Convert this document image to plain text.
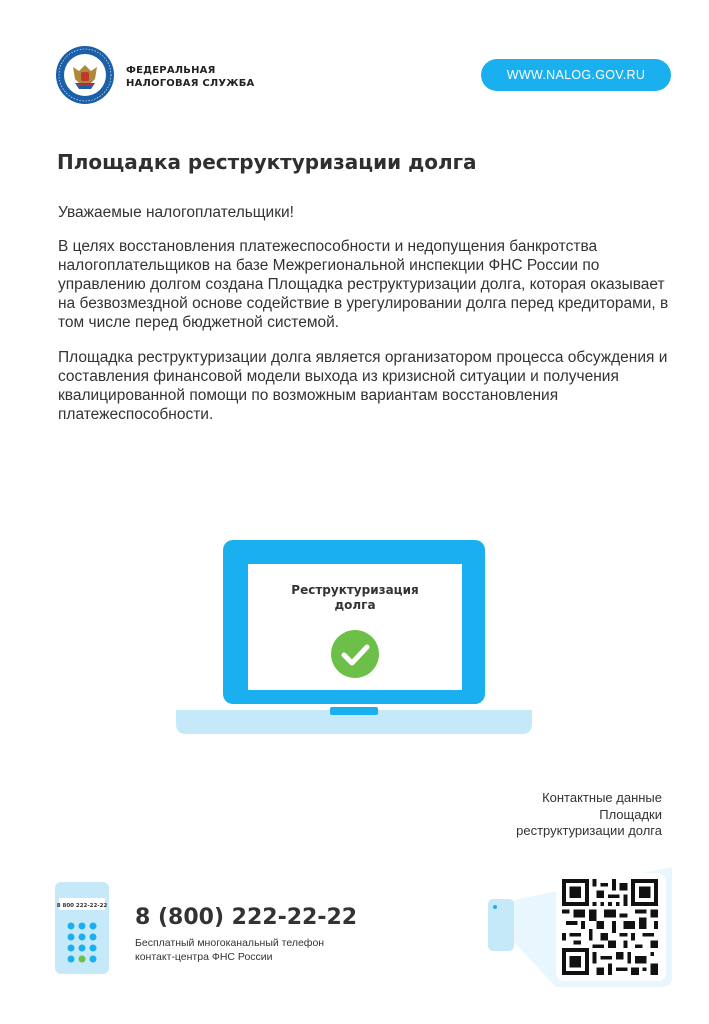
ФЕДЕРАЛЬНАЯ
НАЛОГОВАЯ СЛУЖБА
WWW.NALOG.GOV.RU
Площадка реструктуризации долга

Уважаемые налогоплательщики!

В целях восстановления платежеспособности и недопущения банкротства налогоплательщиков на базе Межрегиональной инспекции ФНС России по управлению долгом создана Площадка реструктуризации долга, которая оказывает на безвозмездной основе содействие в урегулировании долга перед кредиторами, в том числе перед бюджетной системой.

Площадка реструктуризации долга является организатором процесса обсуждения и составления финансовой модели выхода из кризисной ситуации и получения квалицированной помощи по возможным вариантам восстановления платежеспособности.

Реструктуризация
долга
Контактные данные
Площадки
реструктуризации долга
8 800 222-22-22 8 (800) 222-22-22
Бесплатный многоканальный телефон
контакт-центра ФНС России
